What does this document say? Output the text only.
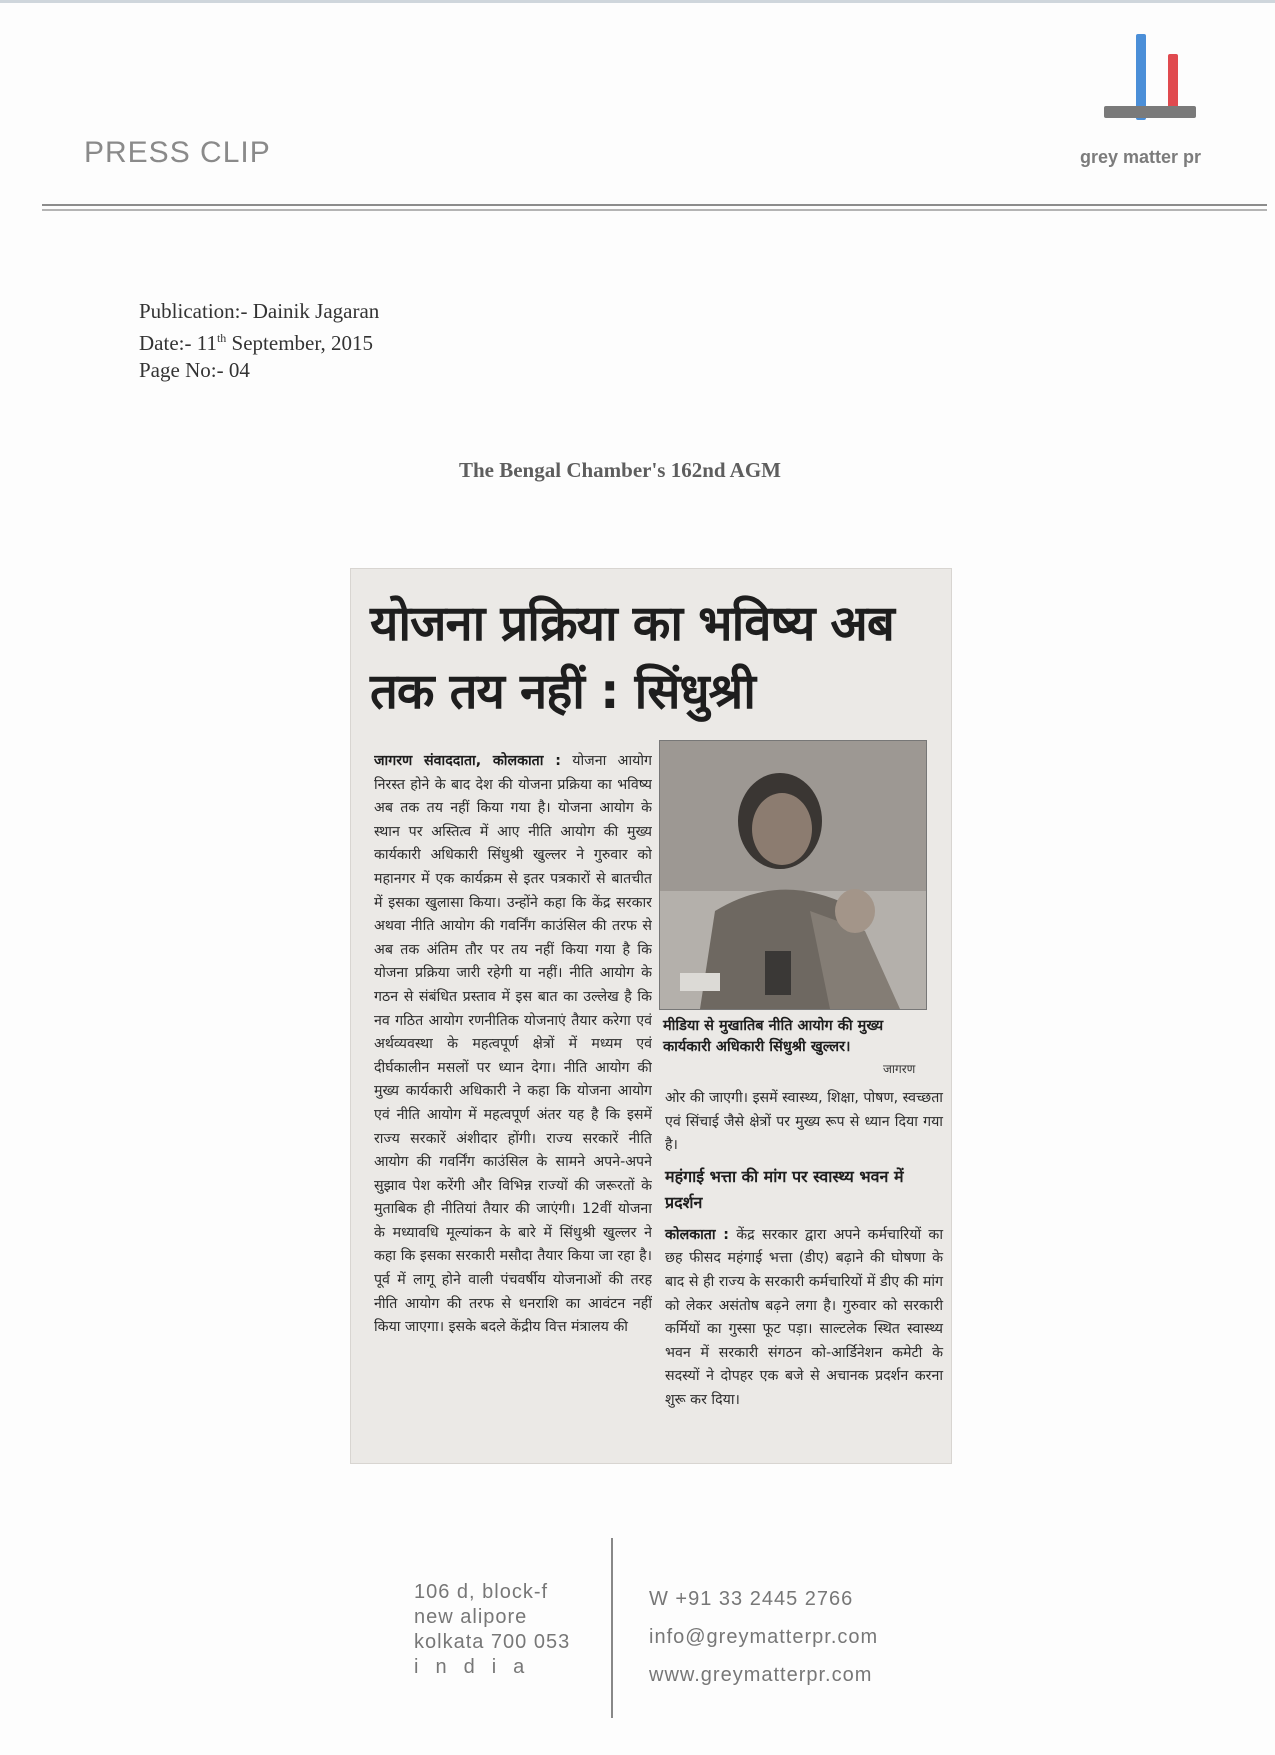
PRESS CLIP	grey matter pr
Publication:- Dainik Jagaran
Date:- 11th September, 2015
Page No:- 04
The Bengal Chamber's 162nd AGM
योजना प्रक्रिया का भविष्य अब तक तय नहीं : सिंधुश्री
जागरण संवाददाता, कोलकाता : योजना आयोग निरस्त होने के बाद देश की योजना प्रक्रिया का भविष्य अब तक तय नहीं किया गया है। योजना आयोग के स्थान पर अस्तित्व में आए नीति आयोग की मुख्य कार्यकारी अधिकारी सिंधुश्री खुल्लर ने गुरुवार को महानगर में एक कार्यक्रम से इतर पत्रकारों से बातचीत में इसका खुलासा किया। उन्होंने कहा कि केंद्र सरकार अथवा नीति आयोग की गवर्निंग काउंसिल की तरफ से अब तक अंतिम तौर पर तय नहीं किया गया है कि योजना प्रक्रिया जारी रहेगी या नहीं। नीति आयोग के गठन से संबंधित प्रस्ताव में इस बात का उल्लेख है कि नव गठित आयोग रणनीतिक योजनाएं तैयार करेगा एवं अर्थव्यवस्था के महत्वपूर्ण क्षेत्रों में मध्यम एवं दीर्घकालीन मसलों पर ध्यान देगा। नीति आयोग की मुख्य कार्यकारी अधिकारी ने कहा कि योजना आयोग एवं नीति आयोग में महत्वपूर्ण अंतर यह है कि इसमें राज्य सरकारें अंशीदार होंगी। राज्य सरकारें नीति आयोग की गवर्निंग काउंसिल के सामने अपने-अपने सुझाव पेश करेंगी और विभिन्न राज्यों की जरूरतों के मुताबिक ही नीतियां तैयार की जाएंगी। 12वीं योजना के मध्यावधि मूल्यांकन के बारे में सिंधुश्री खुल्लर ने कहा कि इसका सरकारी मसौदा तैयार किया जा रहा है। पूर्व में लागू होने वाली पंचवर्षीय योजनाओं की तरह नीति आयोग की तरफ से धनराशि का आवंटन नहीं किया जाएगा। इसके बदले केंद्रीय वित्त मंत्रालय की
मीडिया से मुखातिब नीति आयोग की मुख्य कार्यकारी अधिकारी सिंधुश्री खुल्लर।
जागरण

ओर की जाएगी। इसमें स्वास्थ्य, शिक्षा, पोषण, स्वच्छता एवं सिंचाई जैसे क्षेत्रों पर मुख्य रूप से ध्यान दिया गया है।

महंगाई भत्ता की मांग पर स्वास्थ्य भवन में प्रदर्शन

कोलकाता : केंद्र सरकार द्वारा अपने कर्मचारियों का छह फीसद महंगाई भत्ता (डीए) बढ़ाने की घोषणा के बाद से ही राज्य के सरकारी कर्मचारियों में डीए की मांग को लेकर असंतोष बढ़ने लगा है। गुरुवार को सरकारी कर्मियों का गुस्सा फूट पड़ा। साल्टलेक स्थित स्वास्थ्य भवन में सरकारी संगठन को-आर्डिनेशन कमेटी के सदस्यों ने दोपहर एक बजे से अचानक प्रदर्शन करना शुरू कर दिया।

106 d, block-f
new alipore
kolkata 700 053
india
W +91 33 2445 2766
info@greymatterpr.com
www.greymatterpr.com
